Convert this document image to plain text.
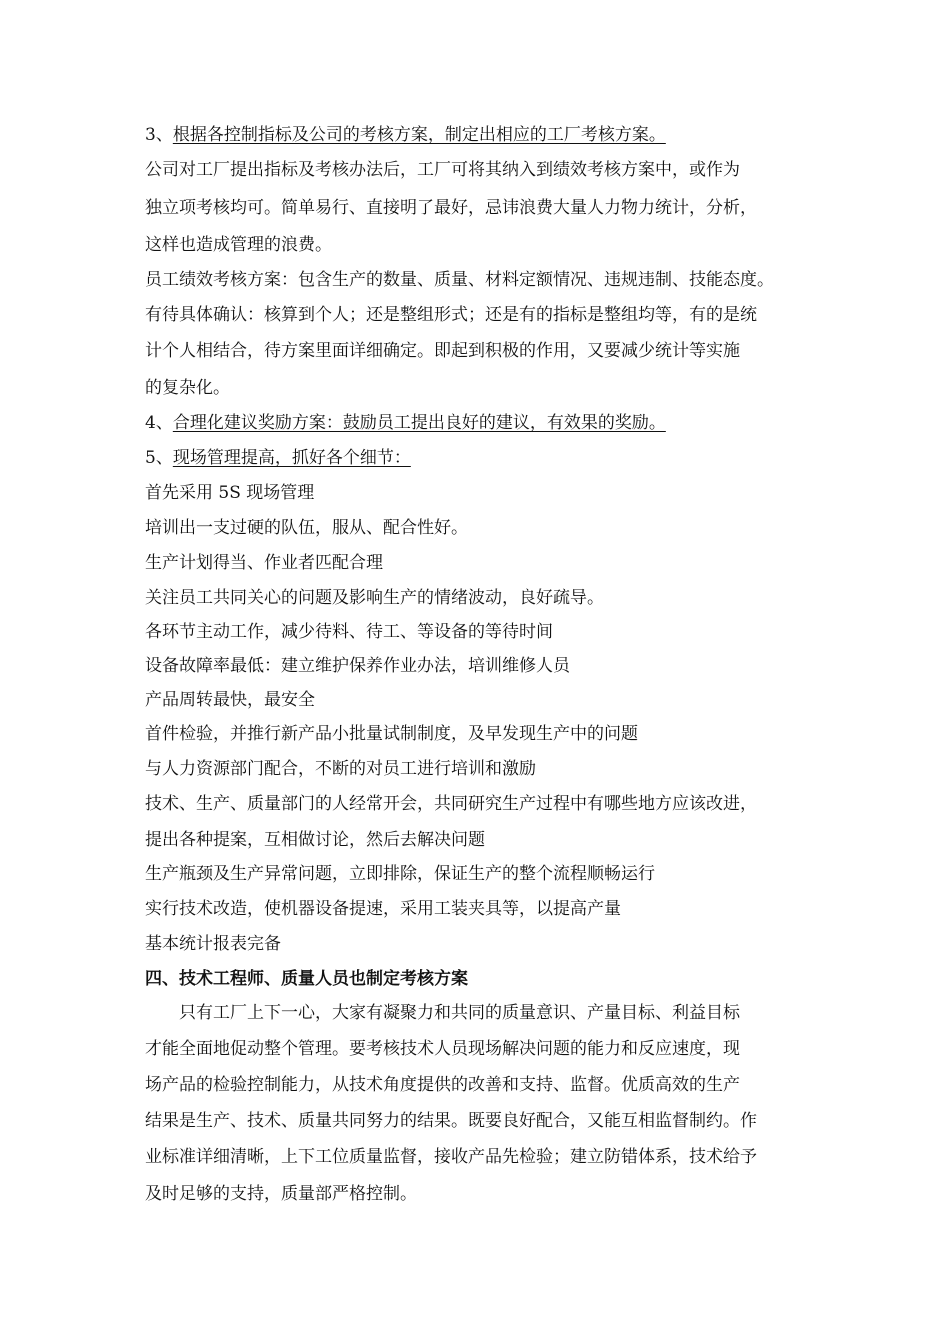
3、根据各控制指标及公司的考核方案，制定出相应的工厂考核方案。
公司对工厂提出指标及考核办法后，工厂可将其纳入到绩效考核方案中，或作为
独立项考核均可。简单易行、直接明了最好，忌讳浪费大量人力物力统计，分析，
这样也造成管理的浪费。
员工绩效考核方案：包含生产的数量、质量、材料定额情况、违规违制、技能态度。
有待具体确认：核算到个人；还是整组形式；还是有的指标是整组均等，有的是统
计个人相结合，待方案里面详细确定。即起到积极的作用，又要减少统计等实施
的复杂化。
4、合理化建议奖励方案：鼓励员工提出良好的建议，有效果的奖励。
5、现场管理提高，抓好各个细节：
首先采用 5S 现场管理
培训出一支过硬的队伍，服从、配合性好。
生产计划得当、作业者匹配合理
关注员工共同关心的问题及影响生产的情绪波动，良好疏导。
各环节主动工作，减少待料、待工、等设备的等待时间
设备故障率最低：建立维护保养作业办法，培训维修人员
产品周转最快，最安全
首件检验，并推行新产品小批量试制制度，及早发现生产中的问题
与人力资源部门配合，不断的对员工进行培训和激励
技术、生产、质量部门的人经常开会，共同研究生产过程中有哪些地方应该改进，
提出各种提案，互相做讨论，然后去解决问题
生产瓶颈及生产异常问题，立即排除，保证生产的整个流程顺畅运行
实行技术改造，使机器设备提速，采用工装夹具等，以提高产量
基本统计报表完备
四、技术工程师、质量人员也制定考核方案
　　只有工厂上下一心，大家有凝聚力和共同的质量意识、产量目标、利益目标
才能全面地促动整个管理。要考核技术人员现场解决问题的能力和反应速度，现
场产品的检验控制能力，从技术角度提供的改善和支持、监督。优质高效的生产
结果是生产、技术、质量共同努力的结果。既要良好配合，又能互相监督制约。作
业标准详细清晰，上下工位质量监督，接收产品先检验；建立防错体系，技术给予
及时足够的支持，质量部严格控制。
